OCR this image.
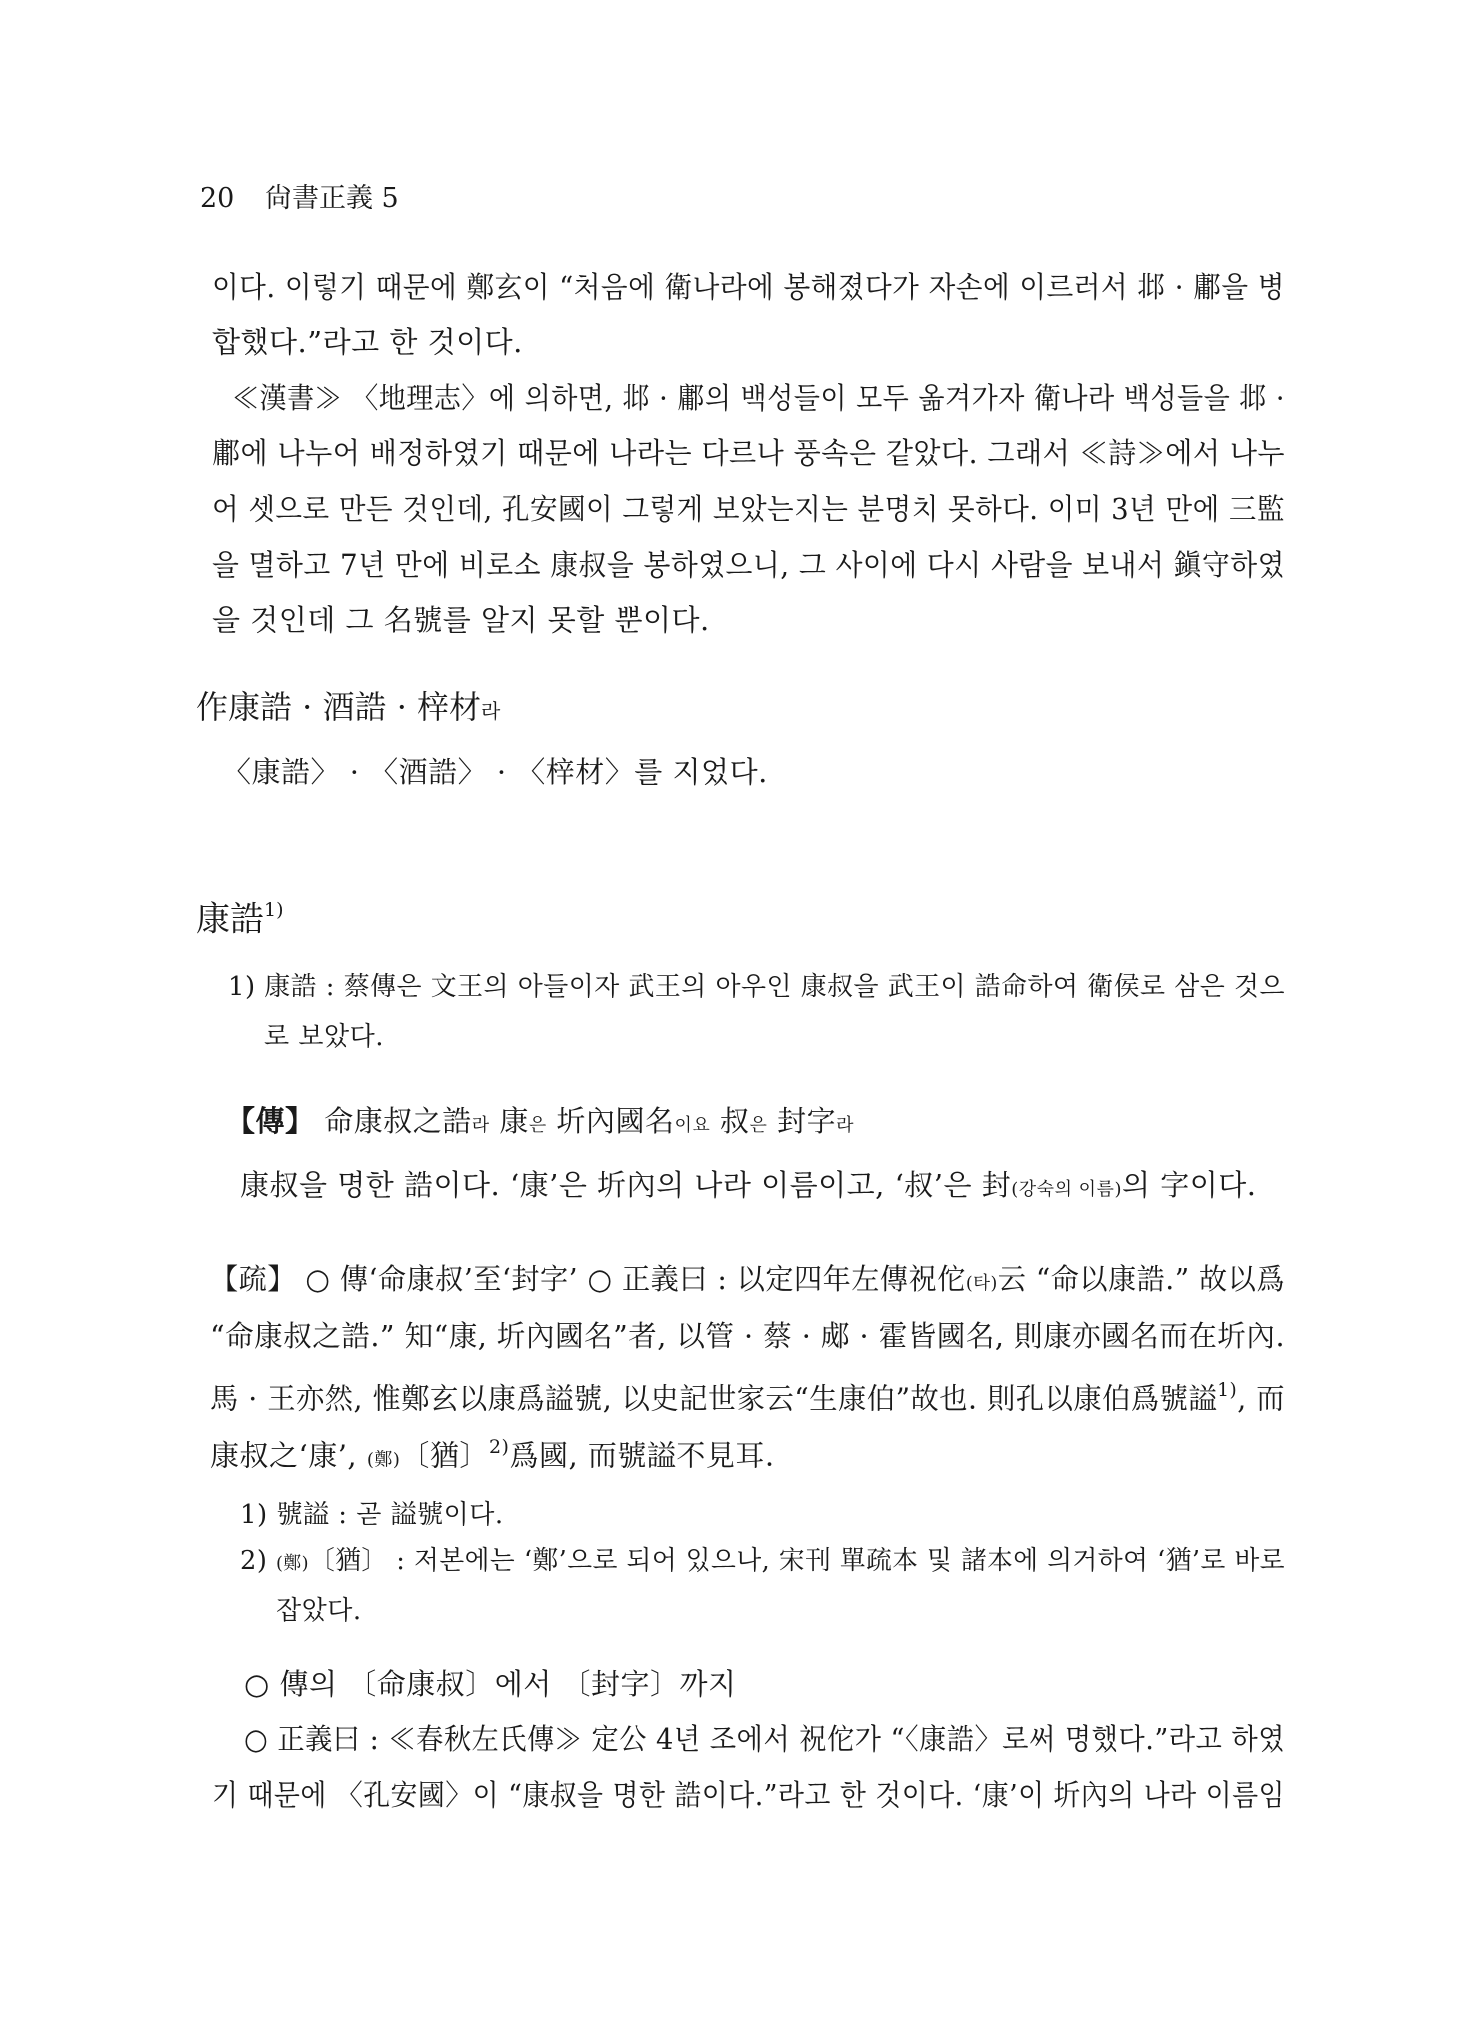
20 尙書正義 5
이다. 이렇기 때문에 鄭玄이 “처음에 衛나라에 봉해졌다가 자손에 이르러서 邶 · 鄘을 병
합했다.”라고 한 것이다.
≪漢書≫ 〈地理志〉에 의하면, 邶 · 鄘의 백성들이 모두 옮겨가자 衛나라 백성들을 邶 ·
鄘에 나누어 배정하였기 때문에 나라는 다르나 풍속은 같았다. 그래서 ≪詩≫에서 나누
어 셋으로 만든 것인데, 孔安國이 그렇게 보았는지는 분명치 못하다. 이미 3년 만에 三監
을 멸하고 7년 만에 비로소 康叔을 봉하였으니, 그 사이에 다시 사람을 보내서 鎭守하였
을 것인데 그 名號를 알지 못할 뿐이다.
作康誥 · 酒誥 · 梓材라
〈康誥〉 · 〈酒誥〉 · 〈梓材〉를 지었다.
康誥$^{1)}$
1) 康誥 : 蔡傳은 文王의 아들이자 武王의 아우인 康叔을 武王이 誥命하여 衛侯로 삼은 것으
로 보았다.
【傳】 命康叔之誥라 康은 圻內國名이요 叔은 封字라
康叔을 명한 誥이다. ‘康’은 圻內의 나라 이름이고, ‘叔’은 封(강숙의 이름)의 字이다.
【疏】 ○ 傳‘命康叔’至‘封字’ ○ 正義曰 : 以定四年左傳祝佗(타)云 “命以康誥.” 故以爲
“命康叔之誥.” 知“康, 圻內國名”者, 以管 · 蔡 · 郕 · 霍皆國名, 則康亦國名而在圻內.
馬 · 王亦然, 惟鄭玄以康爲謚號, 以史記世家云“生康伯”故也. 則孔以康伯爲號謚$^{1)}$, 而
康叔之‘康’, (鄭)〔猶〕$^{2)}$爲國, 而號謚不見耳.
1) 號謚 : 곧 謚號이다.
2) (鄭)〔猶〕 : 저본에는 ‘鄭’으로 되어 있으나, 宋刊 單疏本 및 諸本에 의거하여 ‘猶’로 바로
잡았다.
○ 傳의 〔命康叔〕에서 〔封字〕까지
○ 正義曰 : ≪春秋左氏傳≫ 定公 4년 조에서 祝佗가 “〈康誥〉로써 명했다.”라고 하였
기 때문에 〈孔安國〉이 “康叔을 명한 誥이다.”라고 한 것이다. ‘康’이 圻內의 나라 이름임
